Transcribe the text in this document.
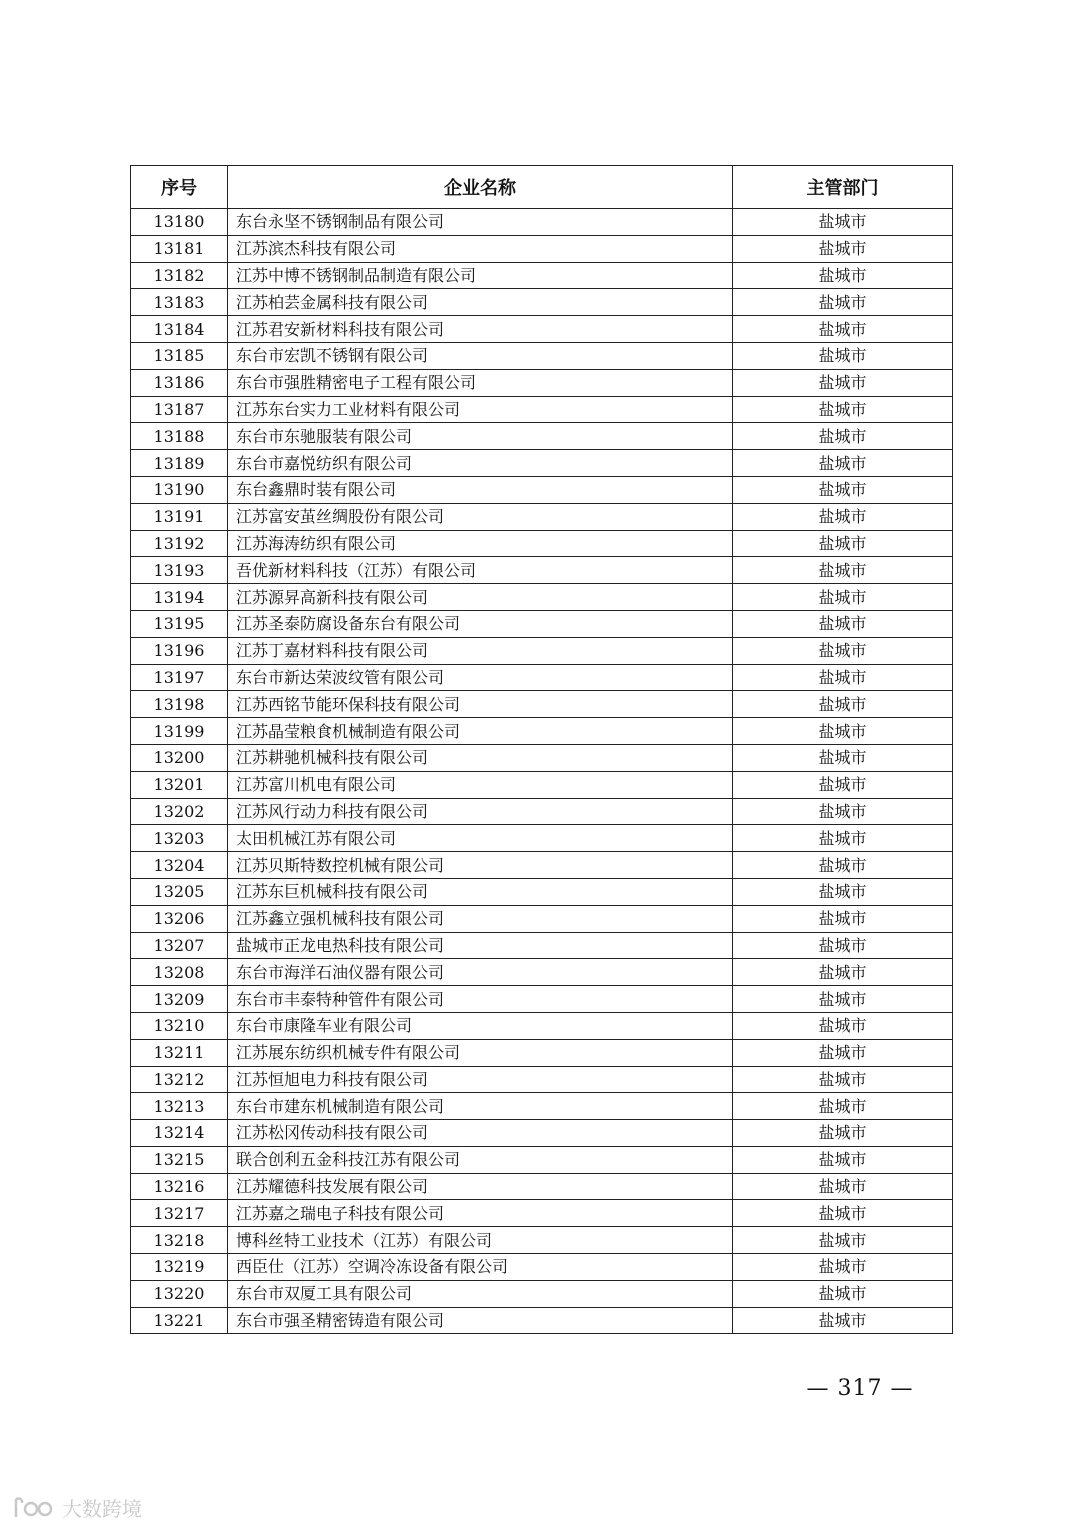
序号	企业名称	主管部门
13180	东台永坚不锈钢制品有限公司	盐城市
13181	江苏滨杰科技有限公司	盐城市
13182	江苏中博不锈钢制品制造有限公司	盐城市
13183	江苏柏芸金属科技有限公司	盐城市
13184	江苏君安新材料科技有限公司	盐城市
13185	东台市宏凯不锈钢有限公司	盐城市
13186	东台市强胜精密电子工程有限公司	盐城市
13187	江苏东台实力工业材料有限公司	盐城市
13188	东台市东驰服装有限公司	盐城市
13189	东台市嘉悦纺织有限公司	盐城市
13190	东台鑫鼎时装有限公司	盐城市
13191	江苏富安茧丝绸股份有限公司	盐城市
13192	江苏海涛纺织有限公司	盐城市
13193	吾优新材料科技（江苏）有限公司	盐城市
13194	江苏源昇高新科技有限公司	盐城市
13195	江苏圣泰防腐设备东台有限公司	盐城市
13196	江苏丁嘉材料科技有限公司	盐城市
13197	东台市新达荣波纹管有限公司	盐城市
13198	江苏西铭节能环保科技有限公司	盐城市
13199	江苏晶莹粮食机械制造有限公司	盐城市
13200	江苏耕驰机械科技有限公司	盐城市
13201	江苏富川机电有限公司	盐城市
13202	江苏风行动力科技有限公司	盐城市
13203	太田机械江苏有限公司	盐城市
13204	江苏贝斯特数控机械有限公司	盐城市
13205	江苏东巨机械科技有限公司	盐城市
13206	江苏鑫立强机械科技有限公司	盐城市
13207	盐城市正龙电热科技有限公司	盐城市
13208	东台市海洋石油仪器有限公司	盐城市
13209	东台市丰泰特种管件有限公司	盐城市
13210	东台市康隆车业有限公司	盐城市
13211	江苏展东纺织机械专件有限公司	盐城市
13212	江苏恒旭电力科技有限公司	盐城市
13213	东台市建东机械制造有限公司	盐城市
13214	江苏松冈传动科技有限公司	盐城市
13215	联合创利五金科技江苏有限公司	盐城市
13216	江苏耀德科技发展有限公司	盐城市
13217	江苏嘉之瑞电子科技有限公司	盐城市
13218	博科丝特工业技术（江苏）有限公司	盐城市
13219	西臣仕（江苏）空调冷冻设备有限公司	盐城市
13220	东台市双厦工具有限公司	盐城市
13221	东台市强圣精密铸造有限公司	盐城市
— 317 —
大数跨境
